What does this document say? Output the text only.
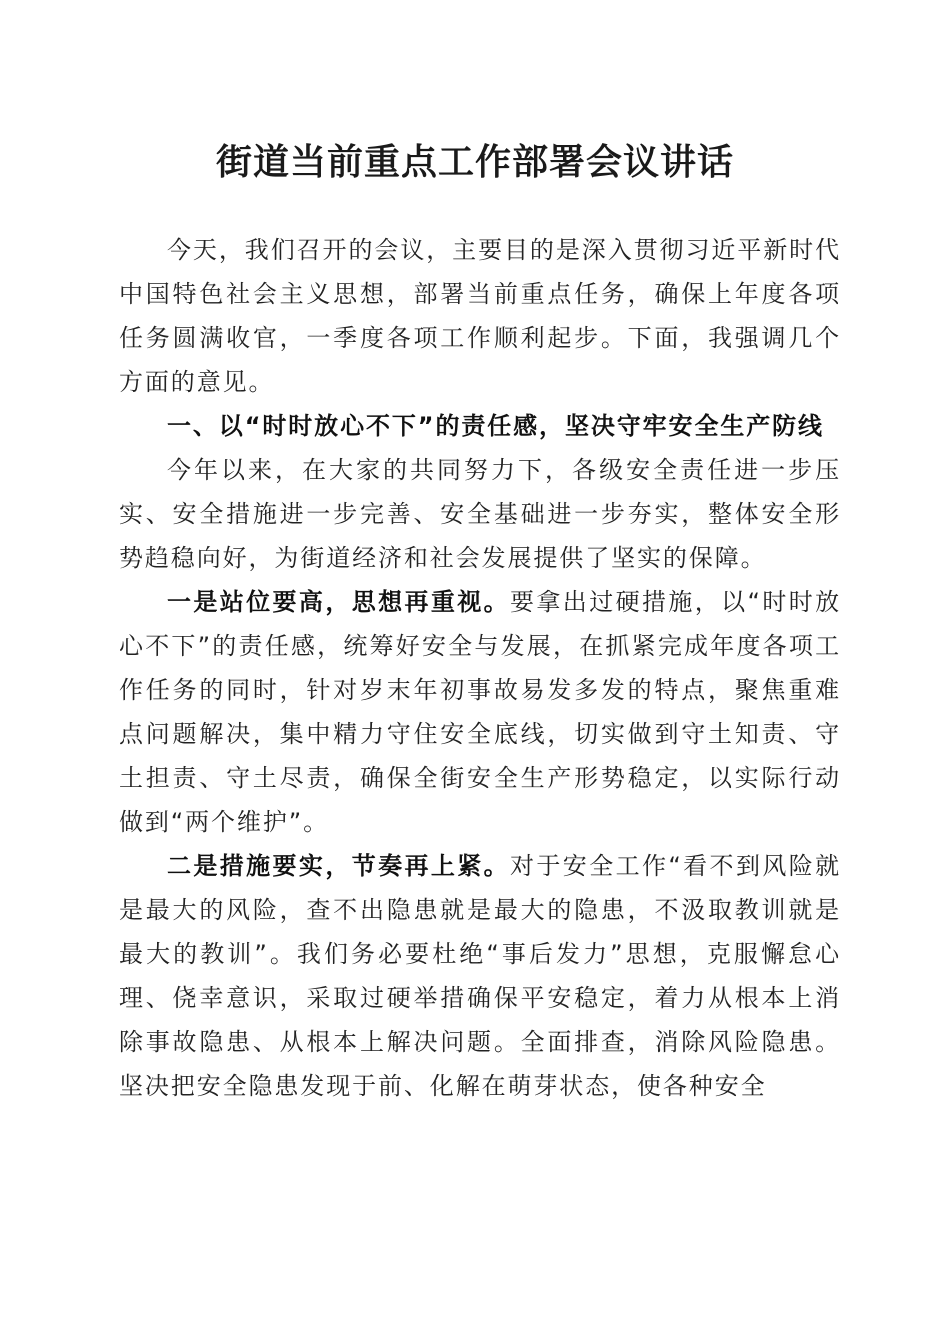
街道当前重点工作部署会议讲话

今天，我们召开的会议，主要目的是深入贯彻习近平新时代中国特色社会主义思想，部署当前重点任务，确保上年度各项任务圆满收官，一季度各项工作顺利起步。下面，我强调几个方面的意见。

一、以“时时放心不下”的责任感，坚决守牢安全生产防线

今年以来，在大家的共同努力下，各级安全责任进一步压实、安全措施进一步完善、安全基础进一步夯实，整体安全形势趋稳向好，为街道经济和社会发展提供了坚实的保障。

一是站位要高，思想再重视。要拿出过硬措施，以“时时放心不下”的责任感，统筹好安全与发展，在抓紧完成年度各项工作任务的同时，针对岁末年初事故易发多发的特点，聚焦重难点问题解决，集中精力守住安全底线，切实做到守土知责、守土担责、守土尽责，确保全街安全生产形势稳定，以实际行动做到“两个维护”。

二是措施要实，节奏再上紧。对于安全工作“看不到风险就是最大的风险，查不出隐患就是最大的隐患，不汲取教训就是最大的教训”。我们务必要杜绝“事后发力”思想，克服懈怠心理、侥幸意识，采取过硬举措确保平安稳定，着力从根本上消除事故隐患、从根本上解决问题。全面排查，消除风险隐患。坚决把安全隐患发现于前、化解在萌芽状态，使各种安全
